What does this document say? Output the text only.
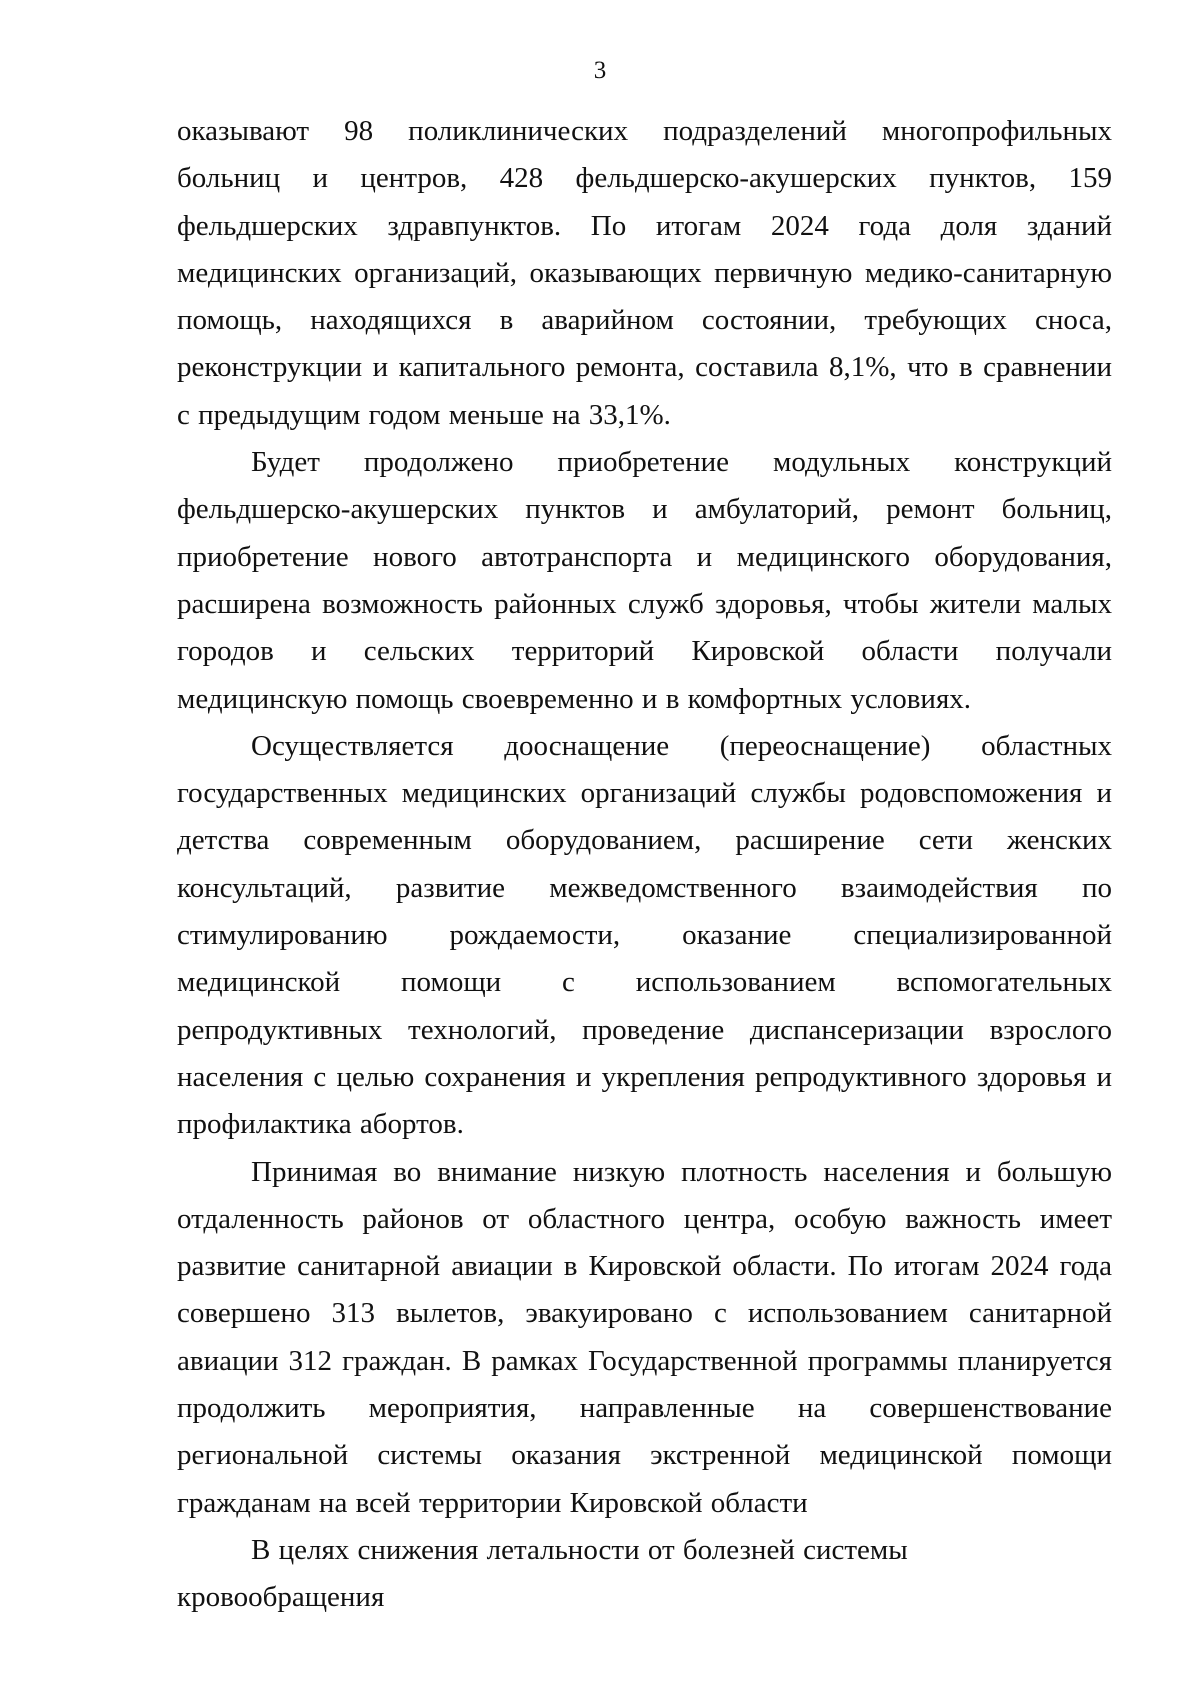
3

оказывают 98 поликлинических подразделений многопрофильных больниц и центров, 428 фельдшерско-акушерских пунктов, 159 фельдшерских здравпунктов. По итогам 2024 года доля зданий медицинских организаций, оказывающих первичную медико-санитарную помощь, находящихся в аварийном состоянии, требующих сноса, реконструкции и капитального ремонта, составила 8,1%, что в сравнении с предыдущим годом меньше на 33,1%.

Будет продолжено приобретение модульных конструкций фельдшерско-акушерских пунктов и амбулаторий, ремонт больниц, приобретение нового автотранспорта и медицинского оборудования, расширена возможность районных служб здоровья, чтобы жители малых городов и сельских территорий Кировской области получали медицинскую помощь своевременно и в комфортных условиях.

Осуществляется дооснащение (переоснащение) областных государственных медицинских организаций службы родовспоможения и детства современным оборудованием, расширение сети женских консультаций, развитие межведомственного взаимодействия по стимулированию рождаемости, оказание специализированной медицинской помощи с использованием вспомогательных репродуктивных технологий, проведение диспансеризации взрослого населения с целью сохранения и укрепления репродуктивного здоровья и профилактика абортов.

Принимая во внимание низкую плотность населения и большую отдаленность районов от областного центра, особую важность имеет развитие санитарной авиации в Кировской области. По итогам 2024 года совершено 313 вылетов, эвакуировано с использованием санитарной авиации 312 граждан. В рамках Государственной программы планируется продолжить мероприятия, направленные на совершенствование региональной системы оказания экстренной медицинской помощи гражданам на всей территории Кировской области

В целях снижения летальности от болезней системы кровообращения
